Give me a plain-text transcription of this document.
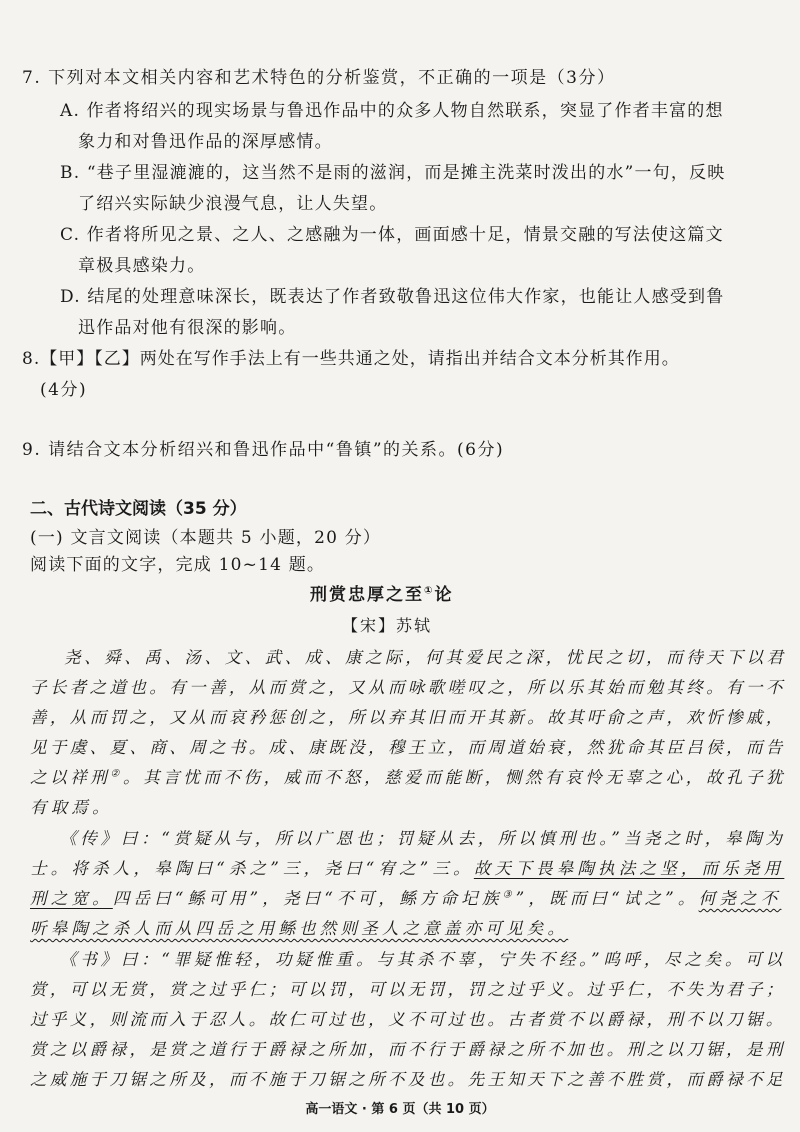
7. 下列对本文相关内容和艺术特色的分析鉴赏，不正确的一项是（3分）
A. 作者将绍兴的现实场景与鲁迅作品中的众多人物自然联系，突显了作者丰富的想
象力和对鲁迅作品的深厚感情。
B. “巷子里湿漉漉的，这当然不是雨的滋润，而是摊主洗菜时泼出的水”一句，反映
了绍兴实际缺少浪漫气息，让人失望。
C. 作者将所见之景、之人、之感融为一体，画面感十足，情景交融的写法使这篇文
章极具感染力。
D. 结尾的处理意味深长，既表达了作者致敬鲁迅这位伟大作家，也能让人感受到鲁
迅作品对他有很深的影响。
8.【甲】【乙】两处在写作手法上有一些共通之处，请指出并结合文本分析其作用。
(4分)
9. 请结合文本分析绍兴和鲁迅作品中“鲁镇”的关系。(6分)
二、古代诗文阅读（35 分）
(一) 文言文阅读（本题共 5 小题，20 分）
阅读下面的文字，完成 10~14 题。
刑赏忠厚之至①论
【宋】苏轼
尧、舜、禹、汤、文、武、成、康之际，何其爱民之深，忧民之切，而待天下以君
子长者之道也。有一善，从而赏之，又从而咏歌嗟叹之，所以乐其始而勉其终。有一不
善，从而罚之，又从而哀矜惩创之，所以弃其旧而开其新。故其吁俞之声，欢忻惨戚，
见于虞、夏、商、周之书。成、康既没，穆王立，而周道始衰，然犹命其臣吕侯，而告
之以祥刑②。其言忧而不伤，威而不怒，慈爱而能断，恻然有哀怜无辜之心，故孔子犹
有取焉。
《传》曰：“赏疑从与，所以广恩也；罚疑从去，所以慎刑也。”当尧之时，皋陶为
士。将杀人，皋陶曰“杀之”三，尧曰“宥之”三。故天下畏皋陶执法之坚，而乐尧用
刑之宽。四岳曰“鲧可用”，尧曰“不可，鲧方命圮族③”，既而曰“试之”。何尧之不
听皋陶之杀人而从四岳之用鲧也然则圣人之意盖亦可见矣。
《书》曰：“罪疑惟轻，功疑惟重。与其杀不辜，宁失不经。”呜呼，尽之矣。可以
赏，可以无赏，赏之过乎仁；可以罚，可以无罚，罚之过乎义。过乎仁，不失为君子；
过乎义，则流而入于忍人。故仁可过也，义不可过也。古者赏不以爵禄，刑不以刀锯。
赏之以爵禄，是赏之道行于爵禄之所加，而不行于爵禄之所不加也。刑之以刀锯，是刑
之威施于刀锯之所及，而不施于刀锯之所不及也。先王知天下之善不胜赏，而爵禄不足
高一语文 · 第 6 页（共 10 页）
